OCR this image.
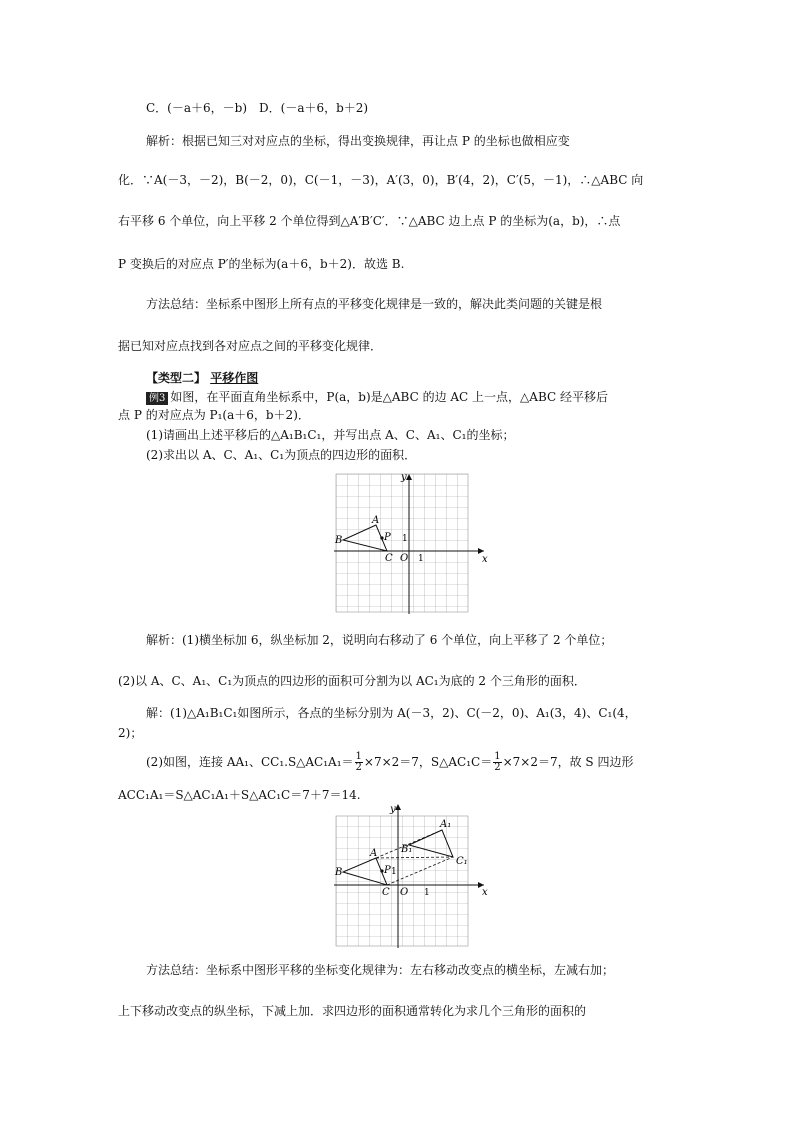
C．(－a＋6，－b)　D．(－a＋6，b＋2)
解析：根据已知三对对应点的坐标，得出变换规律，再让点 P 的坐标也做相应变
化．∵A(－3，－2)，B(－2，0)，C(－1，－3)，A′(3，0)，B′(4，2)，C′(5，－1)，∴△ABC 向
右平移 6 个单位，向上平移 2 个单位得到△A′B′C′．∵△ABC 边上点 P 的坐标为(a，b)，∴点
P 变换后的对应点 P′的坐标为(a＋6，b＋2)．故选 B.
方法总结：坐标系中图形上所有点的平移变化规律是一致的，解决此类问题的关键是根
据已知对应点找到各对应点之间的平移变化规律．
【类型二】 平移作图
例3 如图，在平面直角坐标系中，P(a，b)是△ABC 的边 AC 上一点，△ABC 经平移后
点 P 的对应点为 P₁(a＋6，b＋2)．
(1)请画出上述平移后的△A₁B₁C₁，并写出点 A、C、A₁、C₁的坐标；
(2)求出以 A、C、A₁、C₁为顶点的四边形的面积．
y
x
A
B	P
C O
1
1
解析：(1)横坐标加 6，纵坐标加 2，说明向右移动了 6 个单位，向上平移了 2 个单位；
(2)以 A、C、A₁、C₁为顶点的四边形的面积可分割为以 AC₁为底的 2 个三角形的面积．
解：(1)△A₁B₁C₁如图所示，各点的坐标分别为 A(－3，2)、C(－2，0)、A₁(3，4)、C₁(4，
2)；
(2)如图，连接 AA₁、CC₁.S△AC₁A₁＝ $\frac{1}{2} \times 7\times 2=7$，S△AC₁C＝ $\frac{1}{2} \times 7\times 2=7$，故 S 四边形
ACC₁A₁＝S△AC₁A₁＋S△AC₁C＝7＋7＝14.
y
x
A
B	P
C O
1
1
A₁
B₁
C₁
方法总结：坐标系中图形平移的坐标变化规律为：左右移动改变点的横坐标，左减右加；
上下移动改变点的纵坐标，下减上加．求四边形的面积通常转化为求几个三角形的面积的
